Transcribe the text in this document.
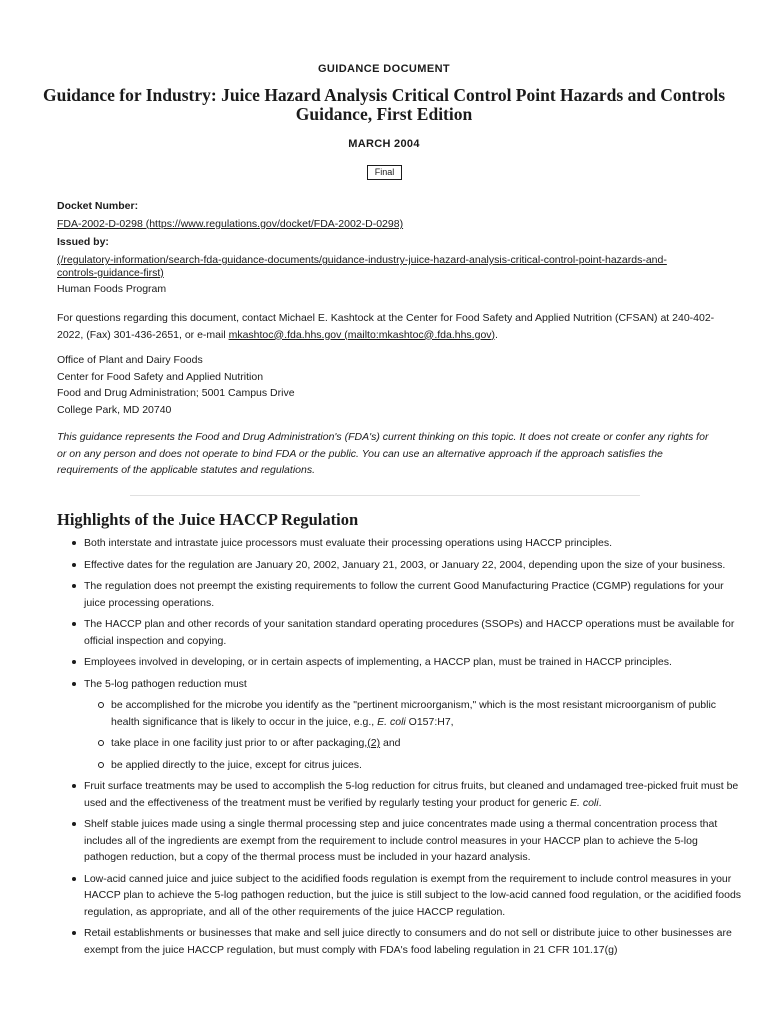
GUIDANCE DOCUMENT
Guidance for Industry: Juice Hazard Analysis Critical Control Point Hazards and Controls Guidance, First Edition
MARCH 2004
Final
Docket Number:
FDA-2002-D-0298 (https://www.regulations.gov/docket/FDA-2002-D-0298)
Issued by:
(/regulatory-information/search-fda-guidance-documents/guidance-industry-juice-hazard-analysis-critical-control-point-hazards-and-
controls-guidance-first)
Human Foods Program

For questions regarding this document, contact Michael E. Kashtock at the Center for Food Safety and Applied Nutrition (CFSAN) at 240-402-2022, (Fax) 301-436-2651, or e-mail mkashtoc@.fda.hhs.gov (mailto:mkashtoc@.fda.hhs.gov).

Office of Plant and Dairy Foods
Center for Food Safety and Applied Nutrition
Food and Drug Administration; 5001 Campus Drive
College Park, MD 20740

This guidance represents the Food and Drug Administration's (FDA's) current thinking on this topic. It does not create or confer any rights for or on any person and does not operate to bind FDA or the public. You can use an alternative approach if the approach satisfies the requirements of the applicable statutes and regulations.

Highlights of the Juice HACCP Regulation
Both interstate and intrastate juice processors must evaluate their processing operations using HACCP principles.
Effective dates for the regulation are January 20, 2002, January 21, 2003, or January 22, 2004, depending upon the size of your business.
The regulation does not preempt the existing requirements to follow the current Good Manufacturing Practice (CGMP) regulations for your juice processing operations.
The HACCP plan and other records of your sanitation standard operating procedures (SSOPs) and HACCP operations must be available for official inspection and copying.
Employees involved in developing, or in certain aspects of implementing, a HACCP plan, must be trained in HACCP principles.
The 5-log pathogen reduction must
be accomplished for the microbe you identify as the "pertinent microorganism," which is the most resistant microorganism of public health significance that is likely to occur in the juice, e.g., E. coli O157:H7,
take place in one facility just prior to or after packaging,(2) and
be applied directly to the juice, except for citrus juices.
Fruit surface treatments may be used to accomplish the 5-log reduction for citrus fruits, but cleaned and undamaged tree-picked fruit must be used and the effectiveness of the treatment must be verified by regularly testing your product for generic E. coli.
Shelf stable juices made using a single thermal processing step and juice concentrates made using a thermal concentration process that includes all of the ingredients are exempt from the requirement to include control measures in your HACCP plan to achieve the 5-log pathogen reduction, but a copy of the thermal process must be included in your hazard analysis.
Low-acid canned juice and juice subject to the acidified foods regulation is exempt from the requirement to include control measures in your HACCP plan to achieve the 5-log pathogen reduction, but the juice is still subject to the low-acid canned food regulation, or the acidified foods regulation, as appropriate, and all of the other requirements of the juice HACCP regulation.
Retail establishments or businesses that make and sell juice directly to consumers and do not sell or distribute juice to other businesses are exempt from the juice HACCP regulation, but must comply with FDA's food labeling regulation in 21 CFR 101.17(g)
